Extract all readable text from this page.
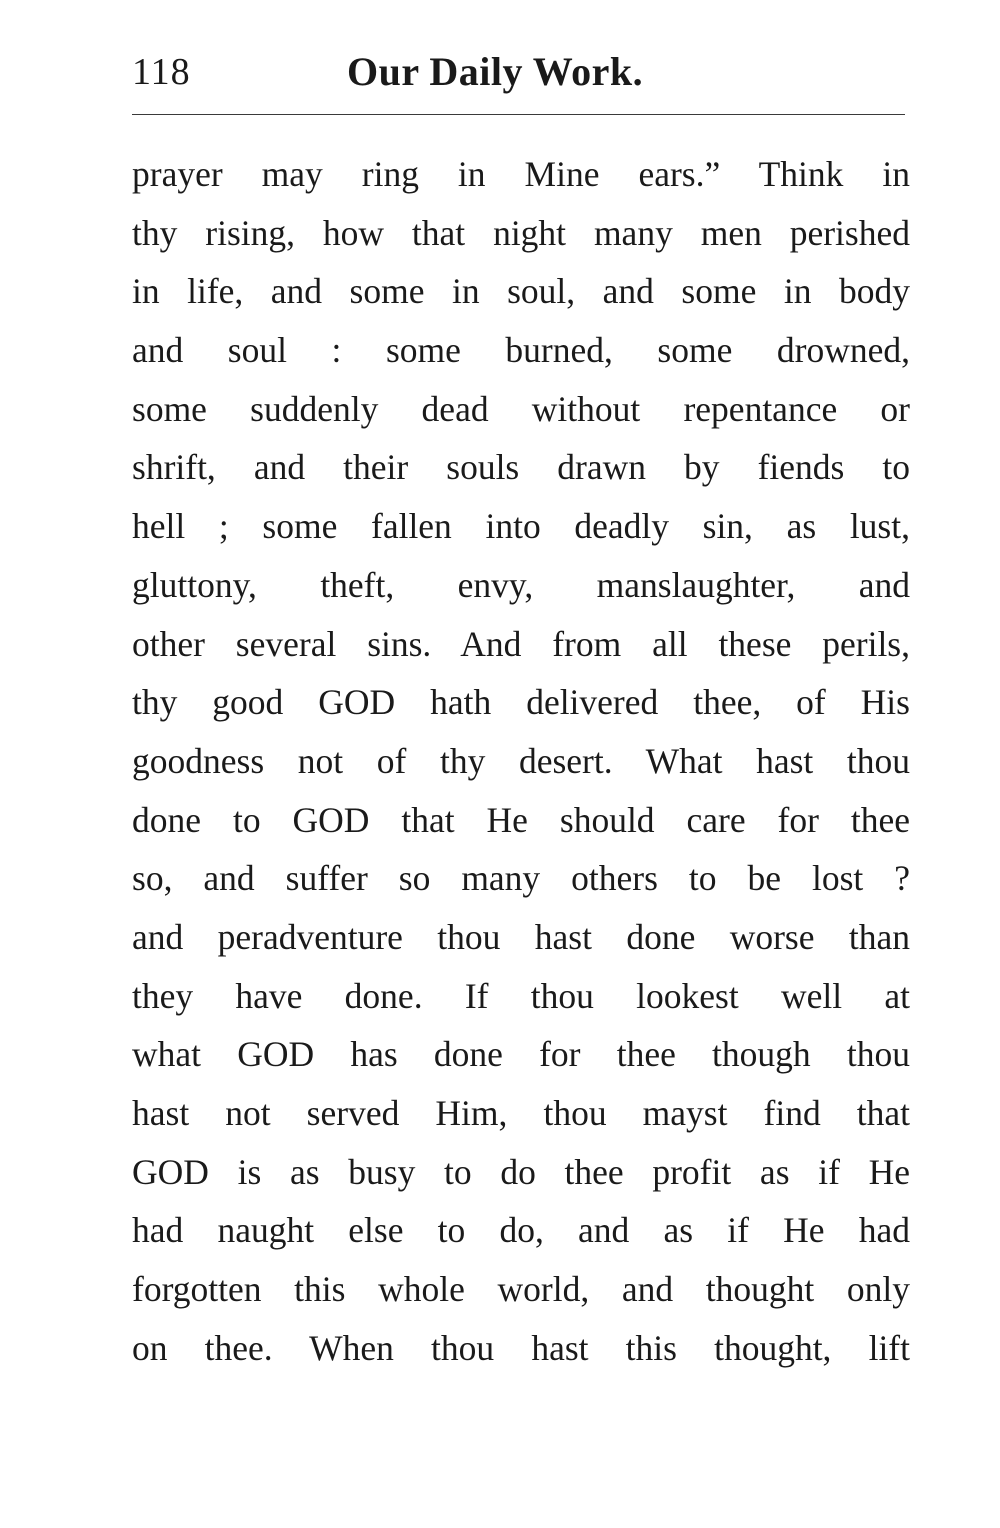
118	Our Daily Work.
prayer may ring in Mine ears.” Think in
thy rising, how that night many men perished
in life, and some in soul, and some in body
and soul : some burned, some drowned,
some suddenly dead without repentance or
shrift, and their souls drawn by fiends to
hell ; some fallen into deadly sin, as lust,
gluttony, theft, envy, manslaughter, and
other several sins. And from all these perils,
thy good GOD hath delivered thee, of His
goodness not of thy desert. What hast thou
done to GOD that He should care for thee
so, and suffer so many others to be lost ?
and peradventure thou hast done worse than
they have done. If thou lookest well at
what GOD has done for thee though thou
hast not served Him, thou mayst find that
GOD is as busy to do thee profit as if He
had naught else to do, and as if He had
forgotten this whole world, and thought only
on thee. When thou hast this thought, lift
